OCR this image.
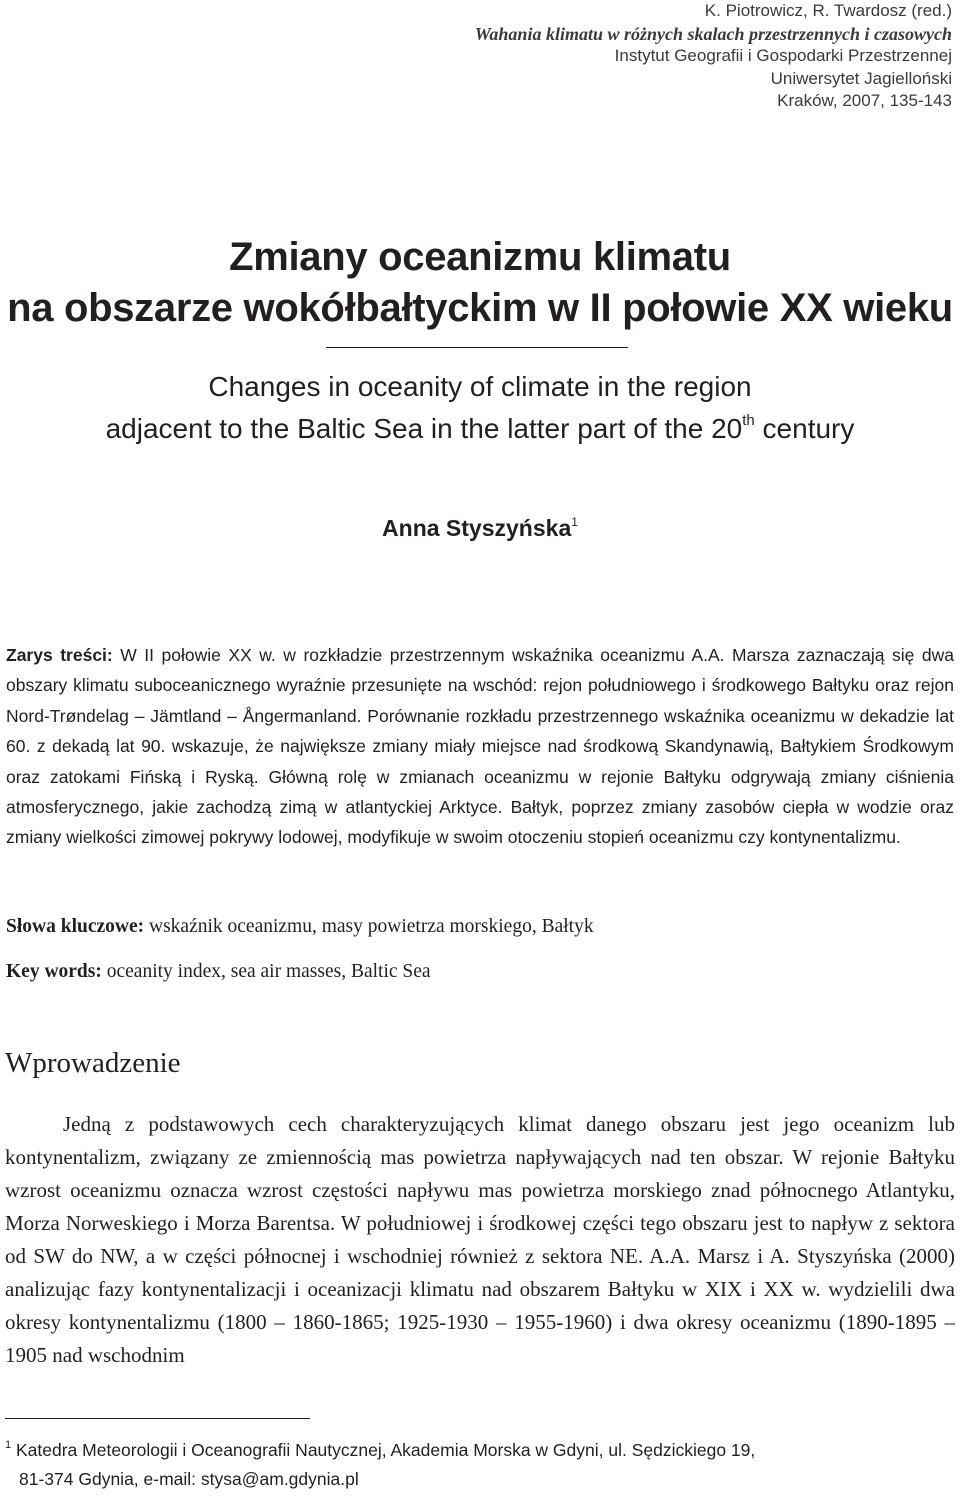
K. Piotrowicz, R. Twardosz (red.)
Wahania klimatu w różnych skalach przestrzennych i czasowych
Instytut Geografii i Gospodarki Przestrzennej
Uniwersytet Jagielloński
Kraków, 2007, 135-143
Zmiany oceanizmu klimatu
na obszarze wokółbałtyckim w II połowie XX wieku
Changes in oceanity of climate in the region
adjacent to the Baltic Sea in the latter part of the 20th century
Anna Styszyńska$^1$
Zarys treści: W II połowie XX w. w rozkładzie przestrzennym wskaźnika oceanizmu A.A. Marsza zaznaczają się dwa obszary klimatu suboceanicznego wyraźnie przesunięte na wschód: rejon południowego i środkowego Bałtyku oraz rejon Nord-Trøndelag – Jämtland – Ångermanland. Porównanie rozkładu przestrzennego wskaźnika oceanizmu w dekadzie lat 60. z dekadą lat 90. wskazuje, że największe zmiany miały miejsce nad środkową Skandynawią, Bałtykiem Środkowym oraz zatokami Fińską i Ryską. Główną rolę w zmianach oceanizmu w rejonie Bałtyku odgrywają zmiany ciśnienia atmosferycznego, jakie zachodzą zimą w atlantyckiej Arktyce. Bałtyk, poprzez zmiany zasobów ciepła w wodzie oraz zmiany wielkości zimowej pokrywy lodowej, modyfikuje w swoim otoczeniu stopień oceanizmu czy kontynentalizmu.
Słowa kluczowe: wskaźnik oceanizmu, masy powietrza morskiego, Bałtyk
Key words: oceanity index, sea air masses, Baltic Sea
Wprowadzenie
Jedną z podstawowych cech charakteryzujących klimat danego obszaru jest jego oceanizm lub kontynentalizm, związany ze zmiennością mas powietrza napływających nad ten obszar. W rejonie Bałtyku wzrost oceanizmu oznacza wzrost częstości napływu mas powietrza morskiego znad północnego Atlantyku, Morza Norweskiego i Morza Barentsa. W południowej i środkowej części tego obszaru jest to napływ z sektora od SW do NW, a w części północnej i wschodniej również z sektora NE. A.A. Marsz i A. Styszyńska (2000) analizując fazy kontynentalizacji i oceanizacji klimatu nad obszarem Bałtyku w XIX i XX w. wydzielili dwa okresy kontynentalizmu (1800 – 1860-1865; 1925-1930 – 1955-1960) i dwa okresy oceanizmu (1890-1895 – 1905 nad wschodnim
$^1$ Katedra Meteorologii i Oceanografii Nautycznej, Akademia Morska w Gdyni, ul. Sędzickiego 19,
81-374 Gdynia, e-mail: stysa@am.gdynia.pl
